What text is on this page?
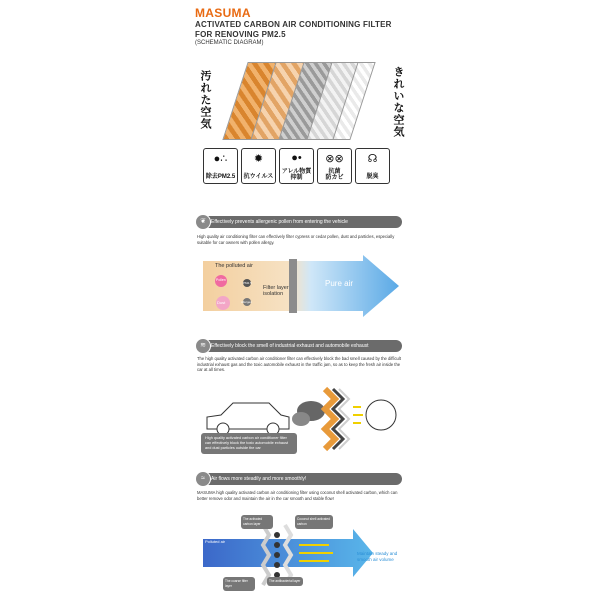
MASUMA
ACTIVATED CARBON AIR CONDITIONING FILTER FOR RENOVING PM2.5
(SCHEMATIC DIAGRAM)
汚れた空気	きれいな空気
●∴
除去PM2.5
✹
抗ウイルス
●•
アレル物質
抑制
⊗⊗
抗菌
防カビ
☊
脱臭
❦	Effectively prevents allergenic pollen from entering the vehicle
High quality air conditioning filter can effectively filter cypress or cedar pollen, dust and particles, especially suitable for car owners with pollen allergy.
The polluted air
Pollen
Dust
PM2.5
Allergen
Filter layer isolation
Pure air
≋	Effectively block the smell of industrial exhaust and automobile exhaust
The high quality activated carbon air conditioner filter can effectively block the bad smell caused by the difficult industrial exhaust gas and the toxic automobile exhaust in the traffic jam, so as to keep the fresh air inside the car at all times.
High quality activated carbon air conditioner filter can effectively block the toxic automobile exhaust and dust particles outside the car
≈	Air flows more steadily and more smoothly!
MASUMA high quality activated carbon air conditioning filter using coconut shell activated carbon, which can better remove odor and maintain the air in the car smooth and stable flow!
Polluted air
The activated carbon layer
Coconut shell activated carbon
The coarse filter layer
The antibacterial layer
Maintain steady and smooth air volume
